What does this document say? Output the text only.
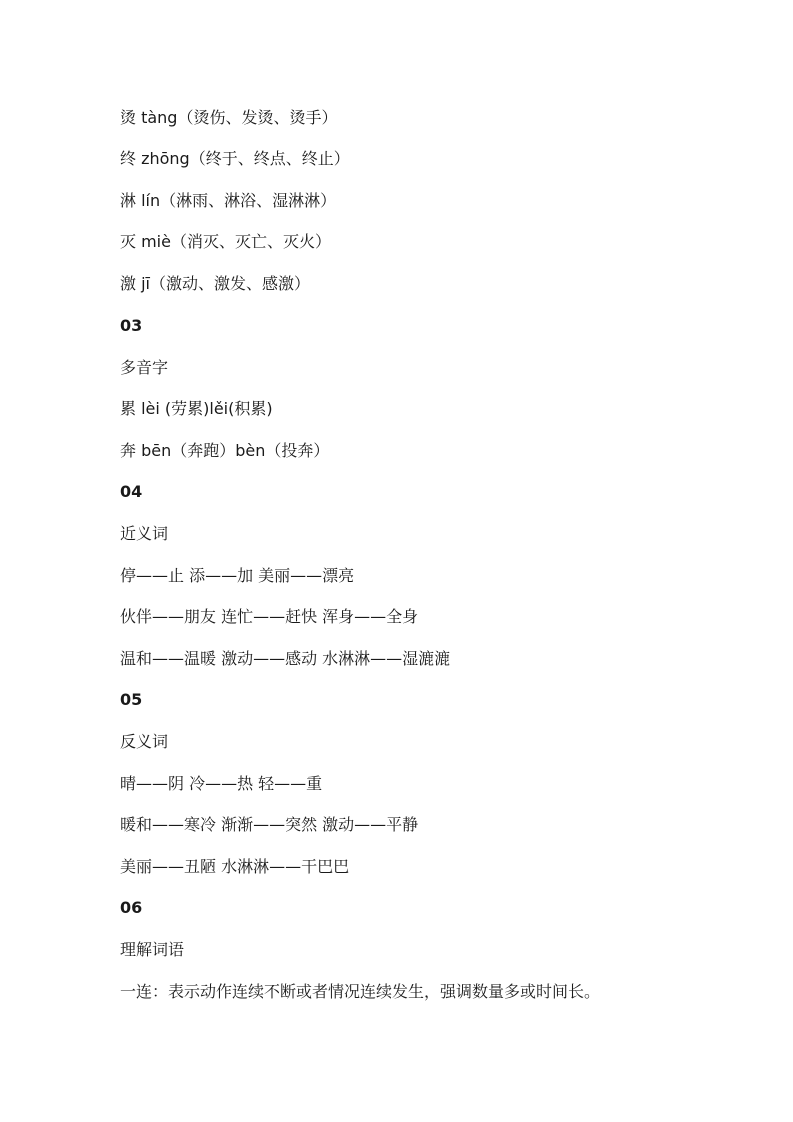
烫 tàng（烫伤、发烫、烫手）
终 zhōng（终于、终点、终止）
淋 lín（淋雨、淋浴、湿淋淋）
灭 miè（消灭、灭亡、灭火）
激 jī（激动、激发、感激）
03
多音字
累 lèi (劳累)lěi(积累)
奔 bēn（奔跑）bèn（投奔）
04
近义词
停——止 添——加 美丽——漂亮
伙伴——朋友 连忙——赶快 浑身——全身
温和——温暖 激动——感动 水淋淋——湿漉漉
05
反义词
晴——阴 冷——热 轻——重
暖和——寒冷 渐渐——突然 激动——平静
美丽——丑陋 水淋淋——干巴巴
06
理解词语
一连：表示动作连续不断或者情况连续发生，强调数量多或时间长。
